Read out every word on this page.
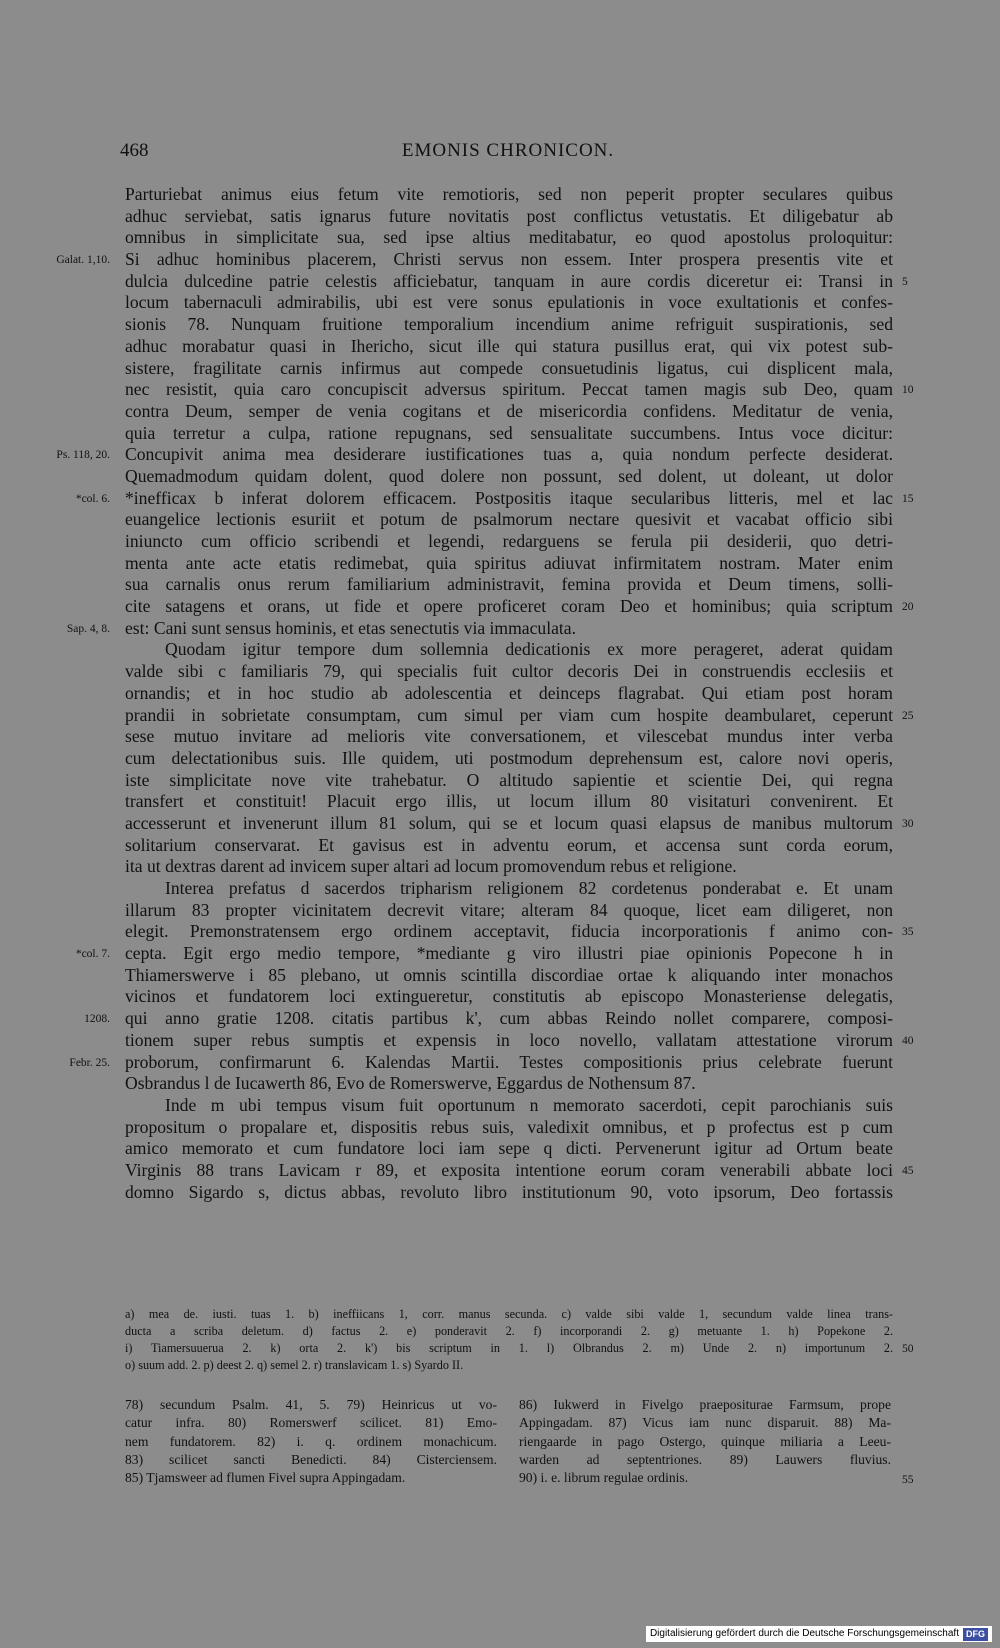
468	EMONIS CHRONICON.
Parturiebat animus eius fetum vite remotioris, sed non peperit propter seculares quibus
adhuc serviebat, satis ignarus future novitatis post conflictus vetustatis. Et diligebatur ab
omnibus in simplicitate sua, sed ipse altius meditabatur, eo quod apostolus proloquitur:
Galat. 1,10. Si adhuc hominibus placerem, Christi servus non essem. Inter prospera presentis vite et
dulcia dulcedine patrie celestis afficiebatur, tanquam in aure cordis diceretur ei: Transi in 5
locum tabernaculi admirabilis, ubi est vere sonus epulationis in voce exultationis et confes-
sionis 78. Nunquam fruitione temporalium incendium anime refriguit suspirationis, sed
adhuc morabatur quasi in Ihericho, sicut ille qui statura pusillus erat, qui vix potest sub-
sistere, fragilitate carnis infirmus aut compede consuetudinis ligatus, cui displicent mala,
nec resistit, quia caro concupiscit adversus spiritum. Peccat tamen magis sub Deo, quam 10
contra Deum, semper de venia cogitans et de misericordia confidens. Meditatur de venia,
quia terretur a culpa, ratione repugnans, sed sensualitate succumbens. Intus voce dicitur:
Ps. 118, 20. Concupivit anima mea desiderare iustificationes tuas a, quia nondum perfecte desiderat.
Quemadmodum quidam dolent, quod dolere non possunt, sed dolent, ut doleant, ut dolor
*col. 6. *inefficax b inferat dolorem efficacem. Postpositis itaque secularibus litteris, mel et lac 15
euangelice lectionis esuriit et potum de psalmorum nectare quesivit et vacabat officio sibi
iniuncto cum officio scribendi et legendi, redarguens se ferula pii desiderii, quo detri-
menta ante acte etatis redimebat, quia spiritus adiuvat infirmitatem nostram. Mater enim
sua carnalis onus rerum familiarium administravit, femina provida et Deum timens, solli-
cite satagens et orans, ut fide et opere proficeret coram Deo et hominibus; quia scriptum 20
Sap. 4, 8. est: Cani sunt sensus hominis, et etas senectutis via immaculata.
Quodam igitur tempore dum sollemnia dedicationis ex more perageret, aderat quidam
valde sibi c familiaris 79, qui specialis fuit cultor decoris Dei in construendis ecclesiis et
ornandis; et in hoc studio ab adolescentia et deinceps flagrabat. Qui etiam post horam
prandii in sobrietate consumptam, cum simul per viam cum hospite deambularet, ceperunt 25
sese mutuo invitare ad melioris vite conversationem, et vilescebat mundus inter verba
cum delectationibus suis. Ille quidem, uti postmodum deprehensum est, calore novi operis,
iste simplicitate nove vite trahebatur. O altitudo sapientie et scientie Dei, qui regna
transfert et constituit! Placuit ergo illis, ut locum illum 80 visitaturi convenirent. Et
accesserunt et invenerunt illum 81 solum, qui se et locum quasi elapsus de manibus multorum 30
solitarium conservarat. Et gavisus est in adventu eorum, et accensa sunt corda eorum,
ita ut dextras darent ad invicem super altari ad locum promovendum rebus et religione.
Interea prefatus d sacerdos tripharism religionem 82 cordetenus ponderabat e. Et unam
illarum 83 propter vicinitatem decrevit vitare; alteram 84 quoque, licet eam diligeret, non
elegit. Premonstratensem ergo ordinem acceptavit, fiducia incorporationis f animo con- 35
*col. 7. cepta. Egit ergo medio tempore, *mediante g viro illustri piae opinionis Popecone h in
Thiamerswerve i 85 plebano, ut omnis scintilla discordiae ortae k aliquando inter monachos
vicinos et fundatorem loci extingueretur, constitutis ab episcopo Monasteriense delegatis,
1208. qui anno gratie 1208. citatis partibus k', cum abbas Reindo nollet comparere, composi-
tionem super rebus sumptis et expensis in loco novello, vallatam attestatione virorum 40
Febr. 25. proborum, confirmarunt 6. Kalendas Martii. Testes compositionis prius celebrate fuerunt
Osbrandus l de Iucawerth 86, Evo de Romerswerve, Eggardus de Nothensum 87.
Inde m ubi tempus visum fuit oportunum n memorato sacerdoti, cepit parochianis suis
propositum o propalare et, dispositis rebus suis, valedixit omnibus, et p profectus est p cum
amico memorato et cum fundatore loci iam sepe q dicti. Pervenerunt igitur ad Ortum beate
Virginis 88 trans Lavicam r 89, et exposita intentione eorum coram venerabili abbate loci 45
domno Sigardo s, dictus abbas, revoluto libro institutionum 90, voto ipsorum, Deo fortassis
a) mea de. iusti. tuas 1. b) ineffiicans 1, corr. manus secunda. c) valde sibi valde 1, secundum valde linea trans-
ducta a scriba deletum. d) factus 2. e) ponderavit 2. f) incorporandi 2. g) metuante 1. h) Popekone 2.
i) Tiamersuuerua 2. k) orta 2. k') bis scriptum in 1. l) Olbrandus 2. m) Unde 2. n) importunum 2. 50
o) suum add. 2. p) deest 2. q) semel 2. r) translavicam 1. s) Syardo II.
78) secundum Psalm. 41, 5. 79) Heinricus ut vo-
catur infra. 80) Romerswerf scilicet. 81) Emo-
nem fundatorem. 82) i. q. ordinem monachicum.
83) scilicet sancti Benedicti. 84) Cisterciensem.
85) Tjamsweer ad flumen Fivel supra Appingadam.
86) Iukwerd in Fivelgo praepositurae Farmsum, prope
Appingadam. 87) Vicus iam nunc disparuit. 88) Ma-
riengaarde in pago Ostergo, quinque miliaria a Leeu-
warden ad septentriones. 89) Lauwers fluvius.
90) i. e. librum regulae ordinis.	55
Digitalisierung gefördert durch die Deutsche Forschungsgemeinschaft DFG
